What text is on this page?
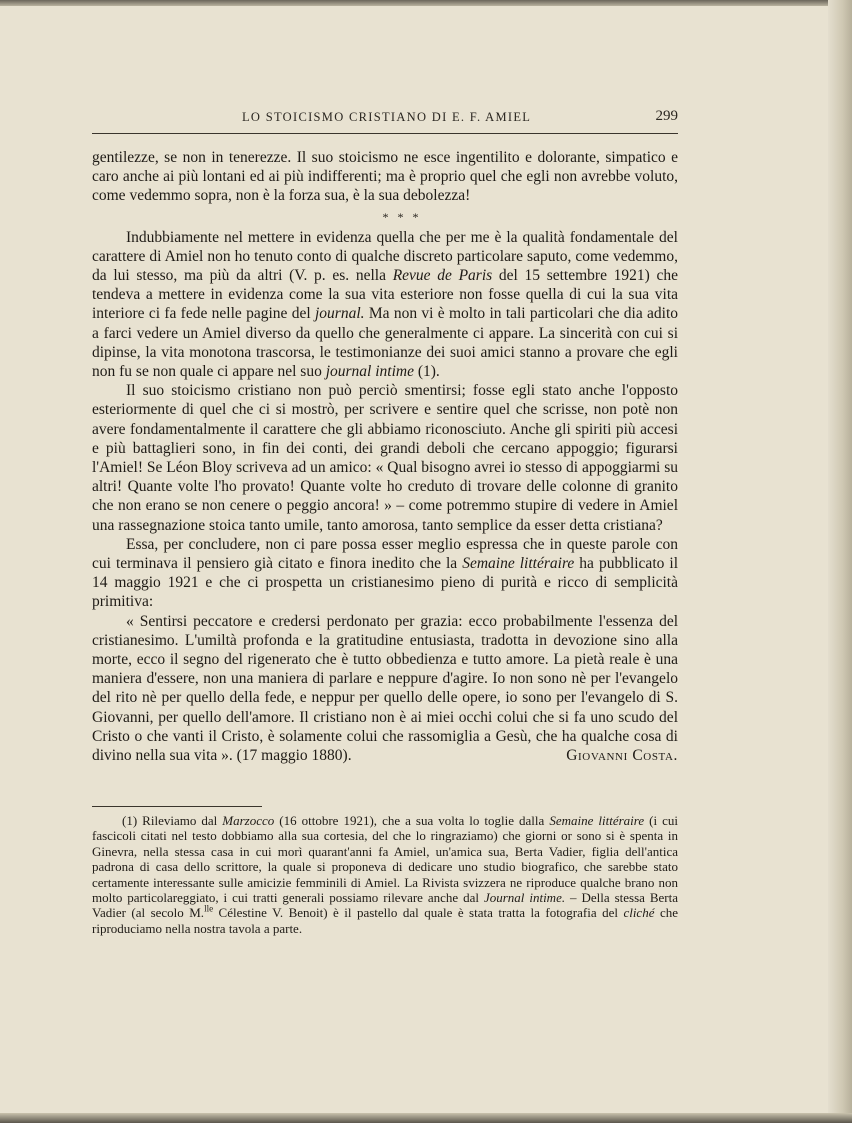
LO STOICISMO CRISTIANO DI E. F. AMIEL	299

gentilezze, se non in tenerezze. Il suo stoicismo ne esce ingentilito e dolorante, simpatico e caro anche ai più lontani ed ai più indifferenti; ma è proprio quel che egli non avrebbe voluto, come vedemmo sopra, non è la forza sua, è la sua debolezza!

* * *

Indubbiamente nel mettere in evidenza quella che per me è la qualità fondamentale del carattere di Amiel non ho tenuto conto di qualche discreto particolare saputo, come vedemmo, da lui stesso, ma più da altri (V. p. es. nella Revue de Paris del 15 settembre 1921) che tendeva a mettere in evidenza come la sua vita esteriore non fosse quella di cui la sua vita interiore ci fa fede nelle pagine del journal. Ma non vi è molto in tali particolari che dia adito a farci vedere un Amiel diverso da quello che generalmente ci appare. La sincerità con cui si dipinse, la vita monotona trascorsa, le testimonianze dei suoi amici stanno a provare che egli non fu se non quale ci appare nel suo journal intime (1).

Il suo stoicismo cristiano non può perciò smentirsi; fosse egli stato anche l'opposto esteriormente di quel che ci si mostrò, per scrivere e sentire quel che scrisse, non potè non avere fondamentalmente il carattere che gli abbiamo riconosciuto. Anche gli spiriti più accesi e più battaglieri sono, in fin dei conti, dei grandi deboli che cercano appoggio; figurarsi l'Amiel! Se Léon Bloy scriveva ad un amico: « Qual bisogno avrei io stesso di appoggiarmi su altri! Quante volte l'ho provato! Quante volte ho creduto di trovare delle colonne di granito che non erano se non cenere o peggio ancora! » – come potremmo stupire di vedere in Amiel una rassegnazione stoica tanto umile, tanto amorosa, tanto semplice da esser detta cristiana?

Essa, per concludere, non ci pare possa esser meglio espressa che in queste parole con cui terminava il pensiero già citato e finora inedito che la Semaine littéraire ha pubblicato il 14 maggio 1921 e che ci prospetta un cristianesimo pieno di purità e ricco di semplicità primitiva:

« Sentirsi peccatore e credersi perdonato per grazia: ecco probabilmente l'essenza del cristianesimo. L'umiltà profonda e la gratitudine entusiasta, tradotta in devozione sino alla morte, ecco il segno del rigenerato che è tutto obbedienza e tutto amore. La pietà reale è una maniera d'essere, non una maniera di parlare e neppure d'agire. Io non sono nè per l'evangelo del rito nè per quello della fede, e neppur per quello delle opere, io sono per l'evangelo di S. Giovanni, per quello dell'amore. Il cristiano non è ai miei occhi colui che si fa uno scudo del Cristo o che vanti il Cristo, è solamente colui che rassomiglia a Gesù, che ha qualche cosa di divino nella sua vita ». (17 maggio 1880).	Giovanni Costa.

(1) Rileviamo dal Marzocco (16 ottobre 1921), che a sua volta lo toglie dalla Semaine littéraire (i cui fascicoli citati nel testo dobbiamo alla sua cortesia, del che lo ringraziamo) che giorni or sono si è spenta in Ginevra, nella stessa casa in cui morì quarant'anni fa Amiel, un'amica sua, Berta Vadier, figlia dell'antica padrona di casa dello scrittore, la quale si proponeva di dedicare uno studio biografico, che sarebbe stato certamente interessante sulle amicizie femminili di Amiel. La Rivista svizzera ne riproduce qualche brano non molto particolareggiato, i cui tratti generali possiamo rilevare anche dal Journal intime. – Della stessa Berta Vadier (al secolo M.$^{lle}$ Célestine V. Benoit) è il pastello dal quale è stata tratta la fotografia del cliché che riproduciamo nella nostra tavola a parte.
